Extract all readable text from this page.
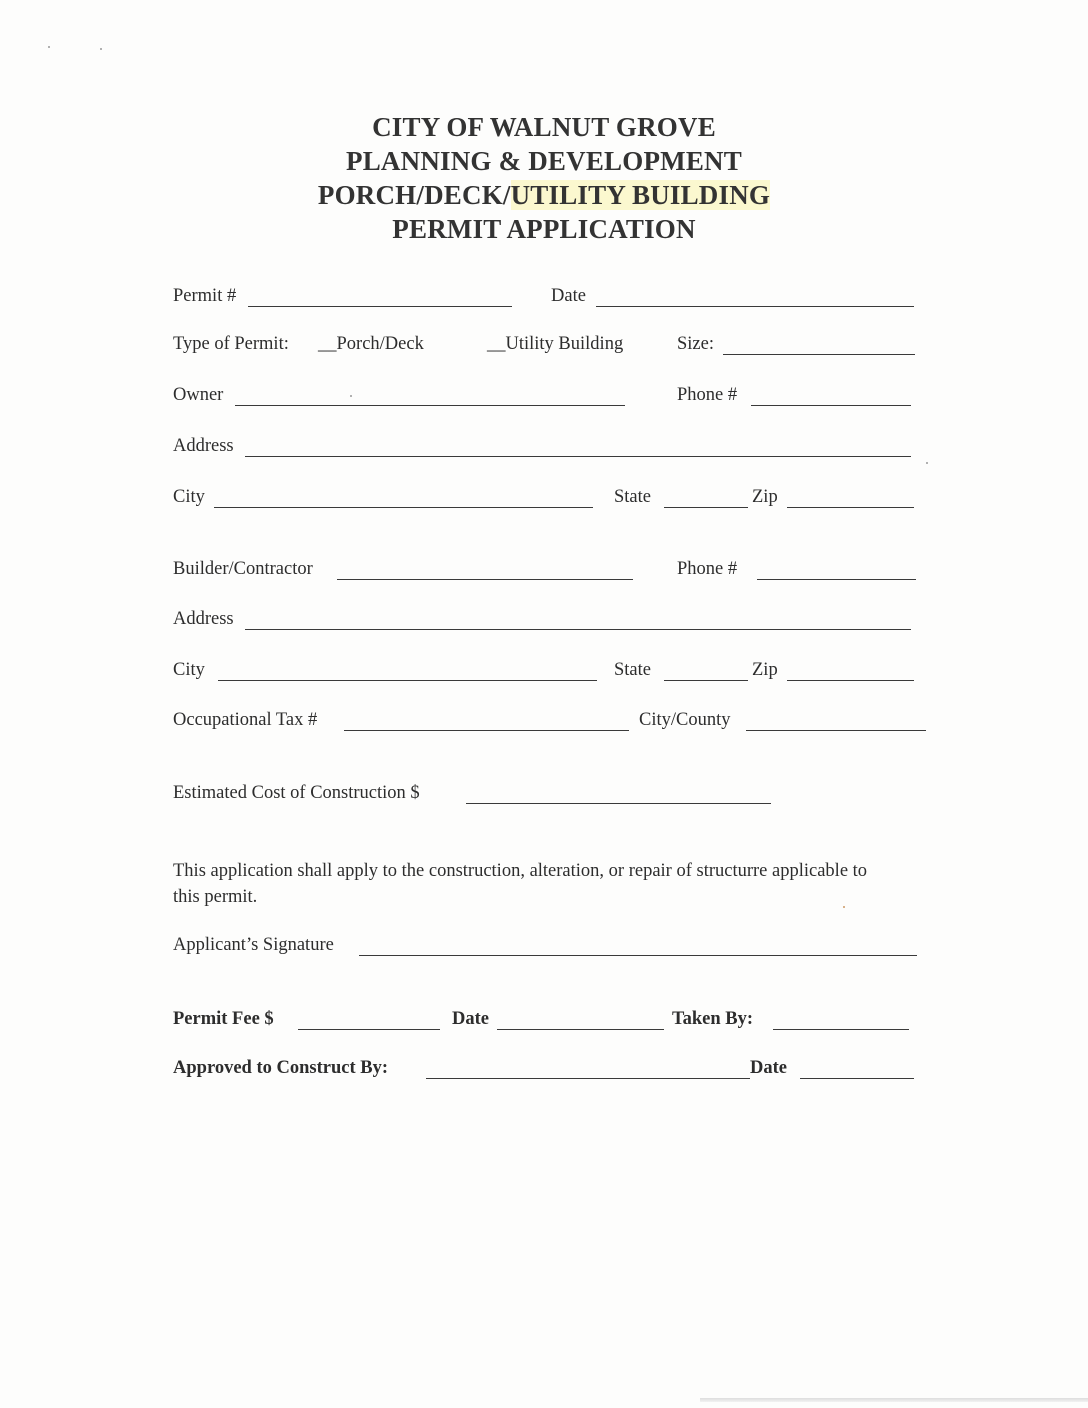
CITY OF WALNUT GROVE
PLANNING & DEVELOPMENT
PORCH/DECK/UTILITY BUILDING
PERMIT APPLICATION
Permit #	Date
Type of Permit: __Porch/Deck	__Utility Building	Size:
Owner	Phone #
Address
City	State	Zip
Builder/Contractor	Phone #
Address
City	State	Zip
Occupational Tax #	City/County
Estimated Cost of Construction $
This application shall apply to the construction, alteration, or repair of structurre applicable to this permit.
Applicant’s Signature
Permit Fee $	Date	Taken By:
Approved to Construct By:	Date
